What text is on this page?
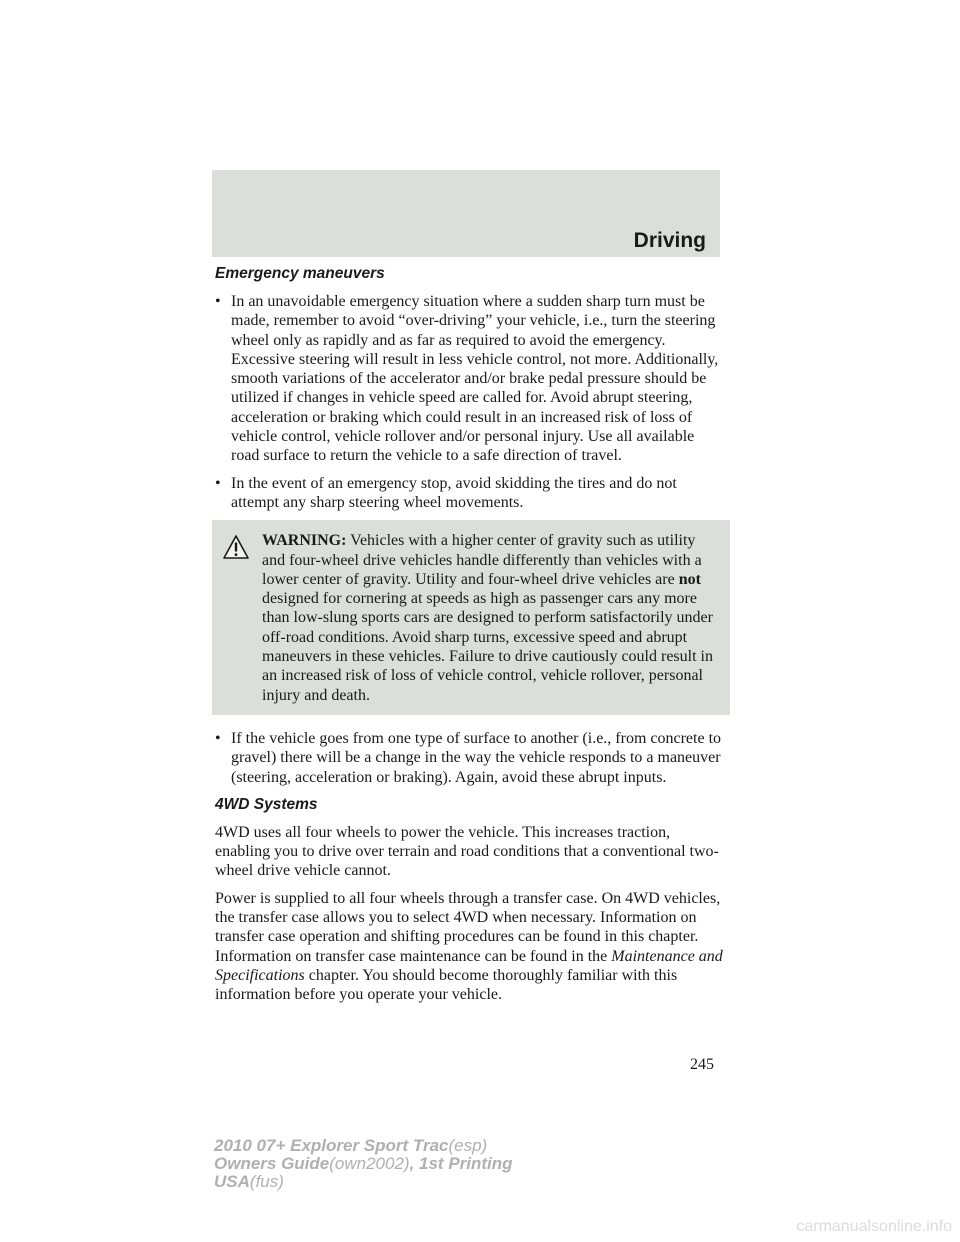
Driving
Emergency maneuvers
• In an unavoidable emergency situation where a sudden sharp turn must be made, remember to avoid “over-driving” your vehicle, i.e., turn the steering wheel only as rapidly and as far as required to avoid the emergency. Excessive steering will result in less vehicle control, not more. Additionally, smooth variations of the accelerator and/or brake pedal pressure should be utilized if changes in vehicle speed are called for. Avoid abrupt steering, acceleration or braking which could result in an increased risk of loss of vehicle control, vehicle rollover and/or personal injury. Use all available road surface to return the vehicle to a safe direction of travel.
• In the event of an emergency stop, avoid skidding the tires and do not attempt any sharp steering wheel movements.
WARNING: Vehicles with a higher center of gravity such as utility and four-wheel drive vehicles handle differently than vehicles with a lower center of gravity. Utility and four-wheel drive vehicles are not designed for cornering at speeds as high as passenger cars any more than low-slung sports cars are designed to perform satisfactorily under off-road conditions. Avoid sharp turns, excessive speed and abrupt maneuvers in these vehicles. Failure to drive cautiously could result in an increased risk of loss of vehicle control, vehicle rollover, personal injury and death.
• If the vehicle goes from one type of surface to another (i.e., from concrete to gravel) there will be a change in the way the vehicle responds to a maneuver (steering, acceleration or braking). Again, avoid these abrupt inputs.
4WD Systems

4WD uses all four wheels to power the vehicle. This increases traction, enabling you to drive over terrain and road conditions that a conventional two-wheel drive vehicle cannot.

Power is supplied to all four wheels through a transfer case. On 4WD vehicles, the transfer case allows you to select 4WD when necessary. Information on transfer case operation and shifting procedures can be found in this chapter. Information on transfer case maintenance can be found in the Maintenance and Specifications chapter. You should become thoroughly familiar with this information before you operate your vehicle.

245
2010 07+ Explorer Sport Trac(esp)
Owners Guide(own2002), 1st Printing
USA(fus)
carmanualsonline.info
